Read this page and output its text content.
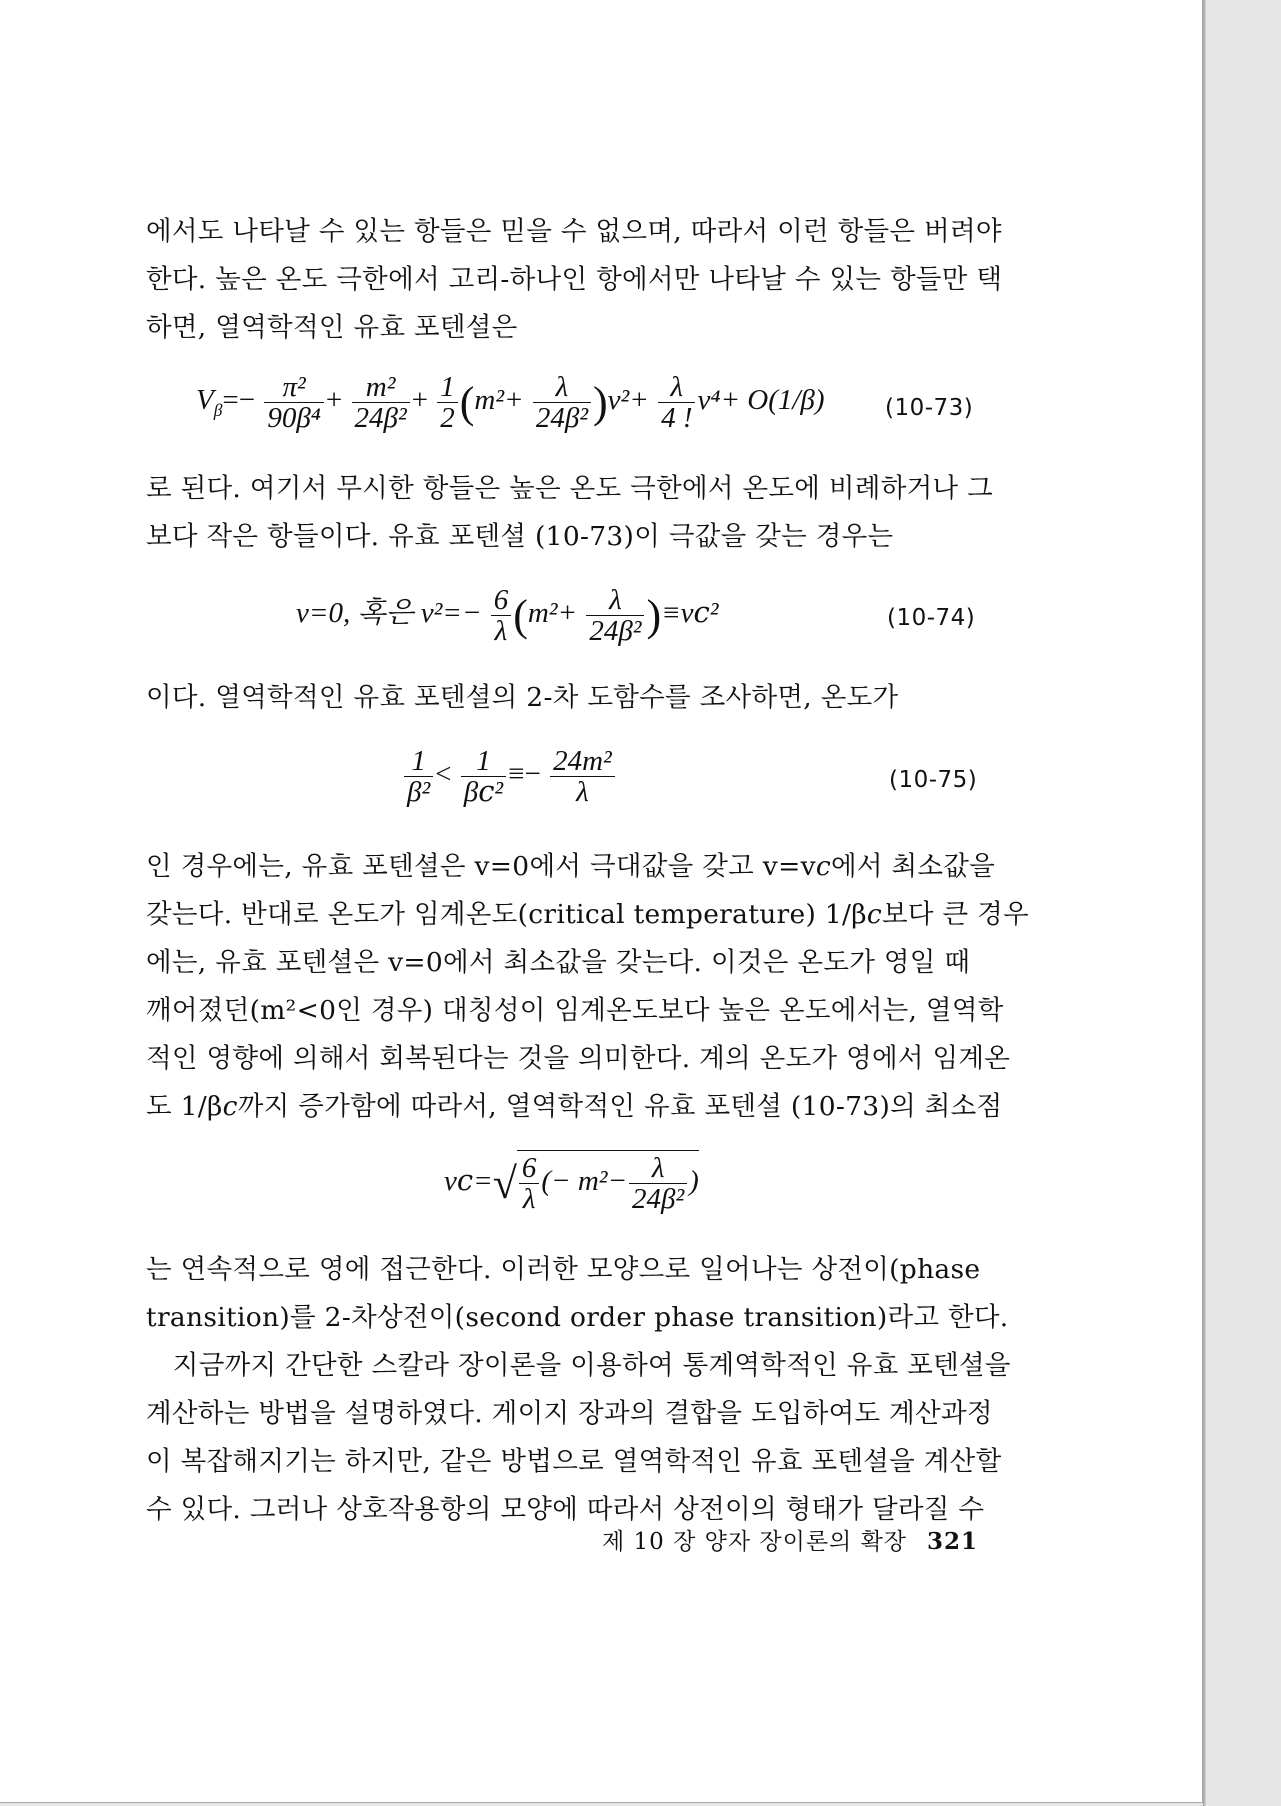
에서도 나타날 수 있는 항들은 믿을 수 없으며, 따라서 이런 항들은 버려야
한다. 높은 온도 극한에서 고리-하나인 항에서만 나타날 수 있는 항들만 택
하면, 열역학적인 유효 포텐셜은
$V_\beta=- \frac{\text{π²}}{\text{90β⁴}} + \frac{\text{m²}}{\text{24β²}} + \frac{1}{2} (m^2+ \frac{\lambda}{\text{24β²}} )v^2+ \frac{\lambda}{4 !} v^4+ O(1/\beta)$	(10-73)
로 된다. 여기서 무시한 항들은 높은 온도 극한에서 온도에 비례하거나 그
보다 작은 항들이다. 유효 포텐셜 (10-73)이 극값을 갖는 경우는
v=0, 혹은 $v^2=- \frac{6}{\lambda} (m^2+ \frac{\lambda}{\text{24β²}}$ )≡v𝑐²	(10-74)
이다. 열역학적인 유효 포텐셜의 2-차 도함수를 조사하면, 온도가
$\frac{1}{\text{β²}} < \frac{1}{\text{β𝑐²}} \equiv- \frac{\text{24m²}}{\lambda}$	(10-75)
인 경우에는, 유효 포텐셜은 v=0에서 극대값을 갖고 v=v𝑐에서 최소값을
갖는다. 반대로 온도가 임계온도(critical temperature) 1/β𝑐보다 큰 경우
에는, 유효 포텐셜은 v=0에서 최소값을 갖는다. 이것은 온도가 영일 때
깨어졌던(m²<0인 경우) 대칭성이 임계온도보다 높은 온도에서는, 열역학
적인 영향에 의해서 회복된다는 것을 의미한다. 계의 온도가 영에서 임계온
도 1/β𝑐까지 증가함에 따라서, 열역학적인 유효 포텐셜 (10-73)의 최소점
v𝑐=√ $\frac{6}{\lambda}$ (− $m^2- \frac{\lambda}{\text{24β²}}$ )
는 연속적으로 영에 접근한다. 이러한 모양으로 일어나는 상전이(phase
transition)를 2-차상전이(second order phase transition)라고 한다.
　지금까지 간단한 스칼라 장이론을 이용하여 통계역학적인 유효 포텐셜을
계산하는 방법을 설명하였다. 게이지 장과의 결합을 도입하여도 계산과정
이 복잡해지기는 하지만, 같은 방법으로 열역학적인 유효 포텐셜을 계산할
수 있다. 그러나 상호작용항의 모양에 따라서 상전이의 형태가 달라질 수
제 10 장 양자 장이론의 확장 321
